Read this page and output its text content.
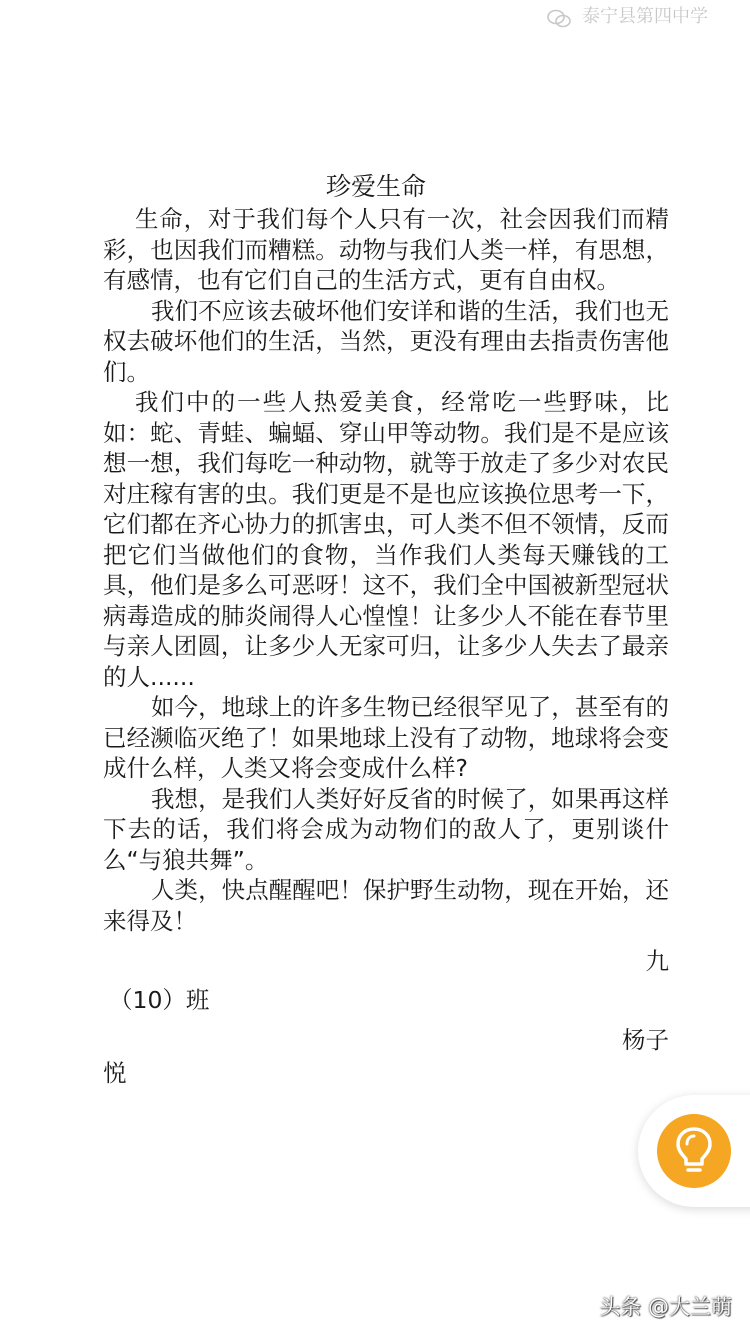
珍爱生命

生命，对于我们每个人只有一次，社会因我们而精彩，也因我们而糟糕。动物与我们人类一样，有思想，有感情，也有它们自己的生活方式，更有自由权。

我们不应该去破坏他们安详和谐的生活，我们也无权去破坏他们的生活，当然，更没有理由去指责伤害他们。

我们中的一些人热爱美食，经常吃一些野味，比如：蛇、青蛙、蝙蝠、穿山甲等动物。我们是不是应该想一想，我们每吃一种动物，就等于放走了多少对农民对庄稼有害的虫。我们更是不是也应该换位思考一下，它们都在齐心协力的抓害虫，可人类不但不领情，反而把它们当做他们的食物，当作我们人类每天赚钱的工具，他们是多么可恶呀！这不，我们全中国被新型冠状病毒造成的肺炎闹得人心惶惶！让多少人不能在春节里与亲人团圆，让多少人无家可归，让多少人失去了最亲的人......

如今，地球上的许多生物已经很罕见了，甚至有的已经濒临灭绝了！如果地球上没有了动物，地球将会变成什么样，人类又将会变成什么样?

我想，是我们人类好好反省的时候了，如果再这样下去的话，我们将会成为动物们的敌人了，更别谈什么“与狼共舞”。

人类，快点醒醒吧！保护野生动物，现在开始，还来得及！

九

（10）班

杨子

悦

泰宁县第四中学
头条 @大兰萌
